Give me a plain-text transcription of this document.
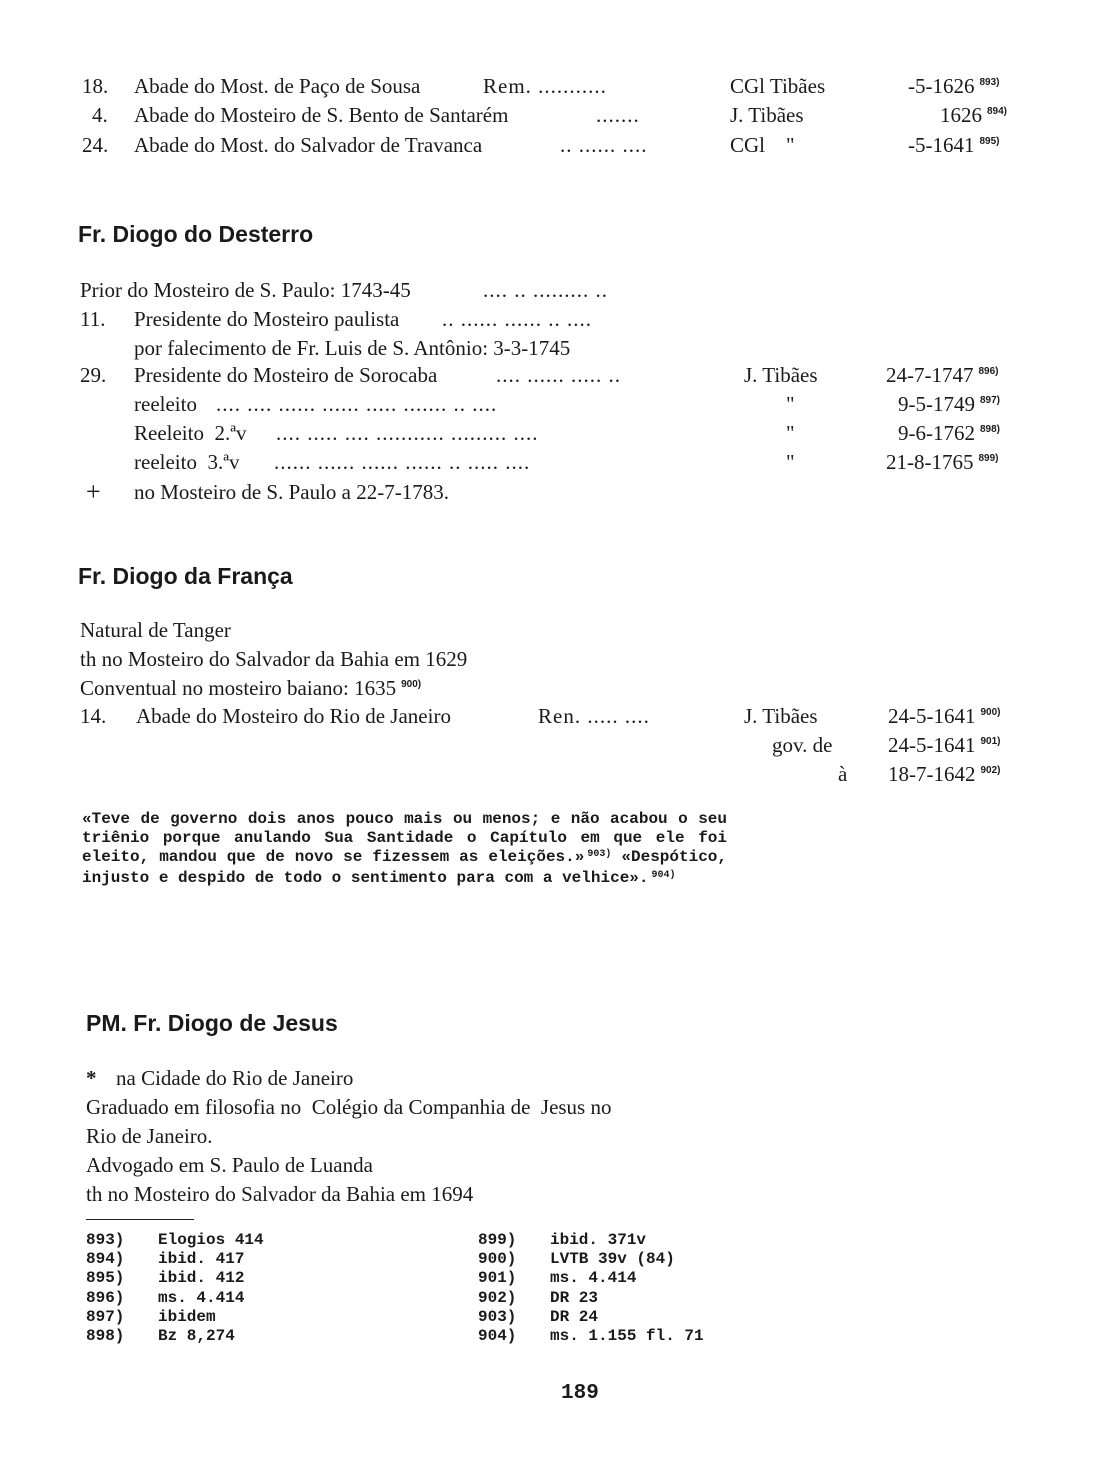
18. Abade do Most. de Paço de Sousa	Rem. ...........	CGl Tibães	-5-1626 $^{893)}$
4. Abade do Mosteiro de S. Bento de Santarém	.......	J. Tibães	1626 $^{894)}$
24. Abade do Most. do Salvador de Travanca	.. ...... ....	CGl    "	-5-1641 $^{895)}$
Fr. Diogo do Desterro
Prior do Mosteiro de S. Paulo: 1743-45	.... .. ......... ..
11. Presidente do Mosteiro paulista .. ...... ...... .. ....
por falecimento de Fr. Luis de S. Antônio: 3-3-1745
29. Presidente do Mosteiro de Sorocaba	.... ...... ..... ..	J. Tibães	24-7-1747 $^{896)}$
reeleito .... .... ...... ...... ..... ....... .. ....	"	9-5-1749 $^{897)}$
Reeleito  2.ªv .... ..... .... ........... ......... ....	"	9-6-1762 $^{898)}$
reeleito  3.ªv ...... ...... ...... ...... .. ..... ....	"	21-8-1765 $^{899)}$
+ no Mosteiro de S. Paulo a 22-7-1783.
Fr. Diogo da França
Natural de Tanger
th no Mosteiro do Salvador da Bahia em 1629
Conventual no mosteiro baiano: 1635 $^{900)}$
14. Abade do Mosteiro do Rio de Janeiro	Ren. ..... ....	J. Tibães	24-5-1641 $^{900)}$
gov. de	24-5-1641 $^{901)}$
à 18-7-1642 $^{902)}$
«Teve de governo dois anos pouco mais ou menos; e não acabou o seu triênio porque anulando Sua Santidade o Capítulo em que ele foi eleito, mandou que de novo se fizessem as eleições.» $^{903)}$ «Despótico, injusto e despido de todo o sentimento para com a velhice». $^{904)}$
PM. Fr. Diogo de Jesus
* na Cidade do Rio de Janeiro
Graduado em filosofia no  Colégio da Companhia de  Jesus no
Rio de Janeiro.
Advogado em S. Paulo de Luanda
th no Mosteiro do Salvador da Bahia em 1694
893) Elogios 414
894) ibid. 417
895) ibid. 412
896) ms. 4.414
897) ibidem
898) Bz 8,274
899) ibid. 371v
900) LVTB 39v (84)
901) ms. 4.414
902) DR 23
903) DR 24
904) ms. 1.155 fl. 71
189
